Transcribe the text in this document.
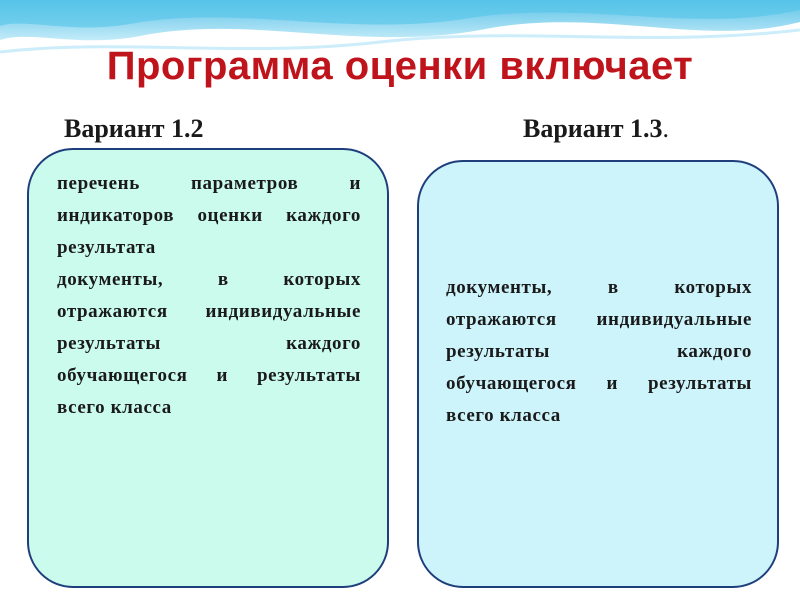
Программа оценки включает
Вариант 1.2	Вариант 1.3.
перечень параметров и индикаторов оценки каждого результата
документы, в которых отражаются индивидуальные результаты каждого обучающегося и результаты всего класса
документы, в которых отражаются индивидуальные результаты каждого обучающегося и результаты всего класса
